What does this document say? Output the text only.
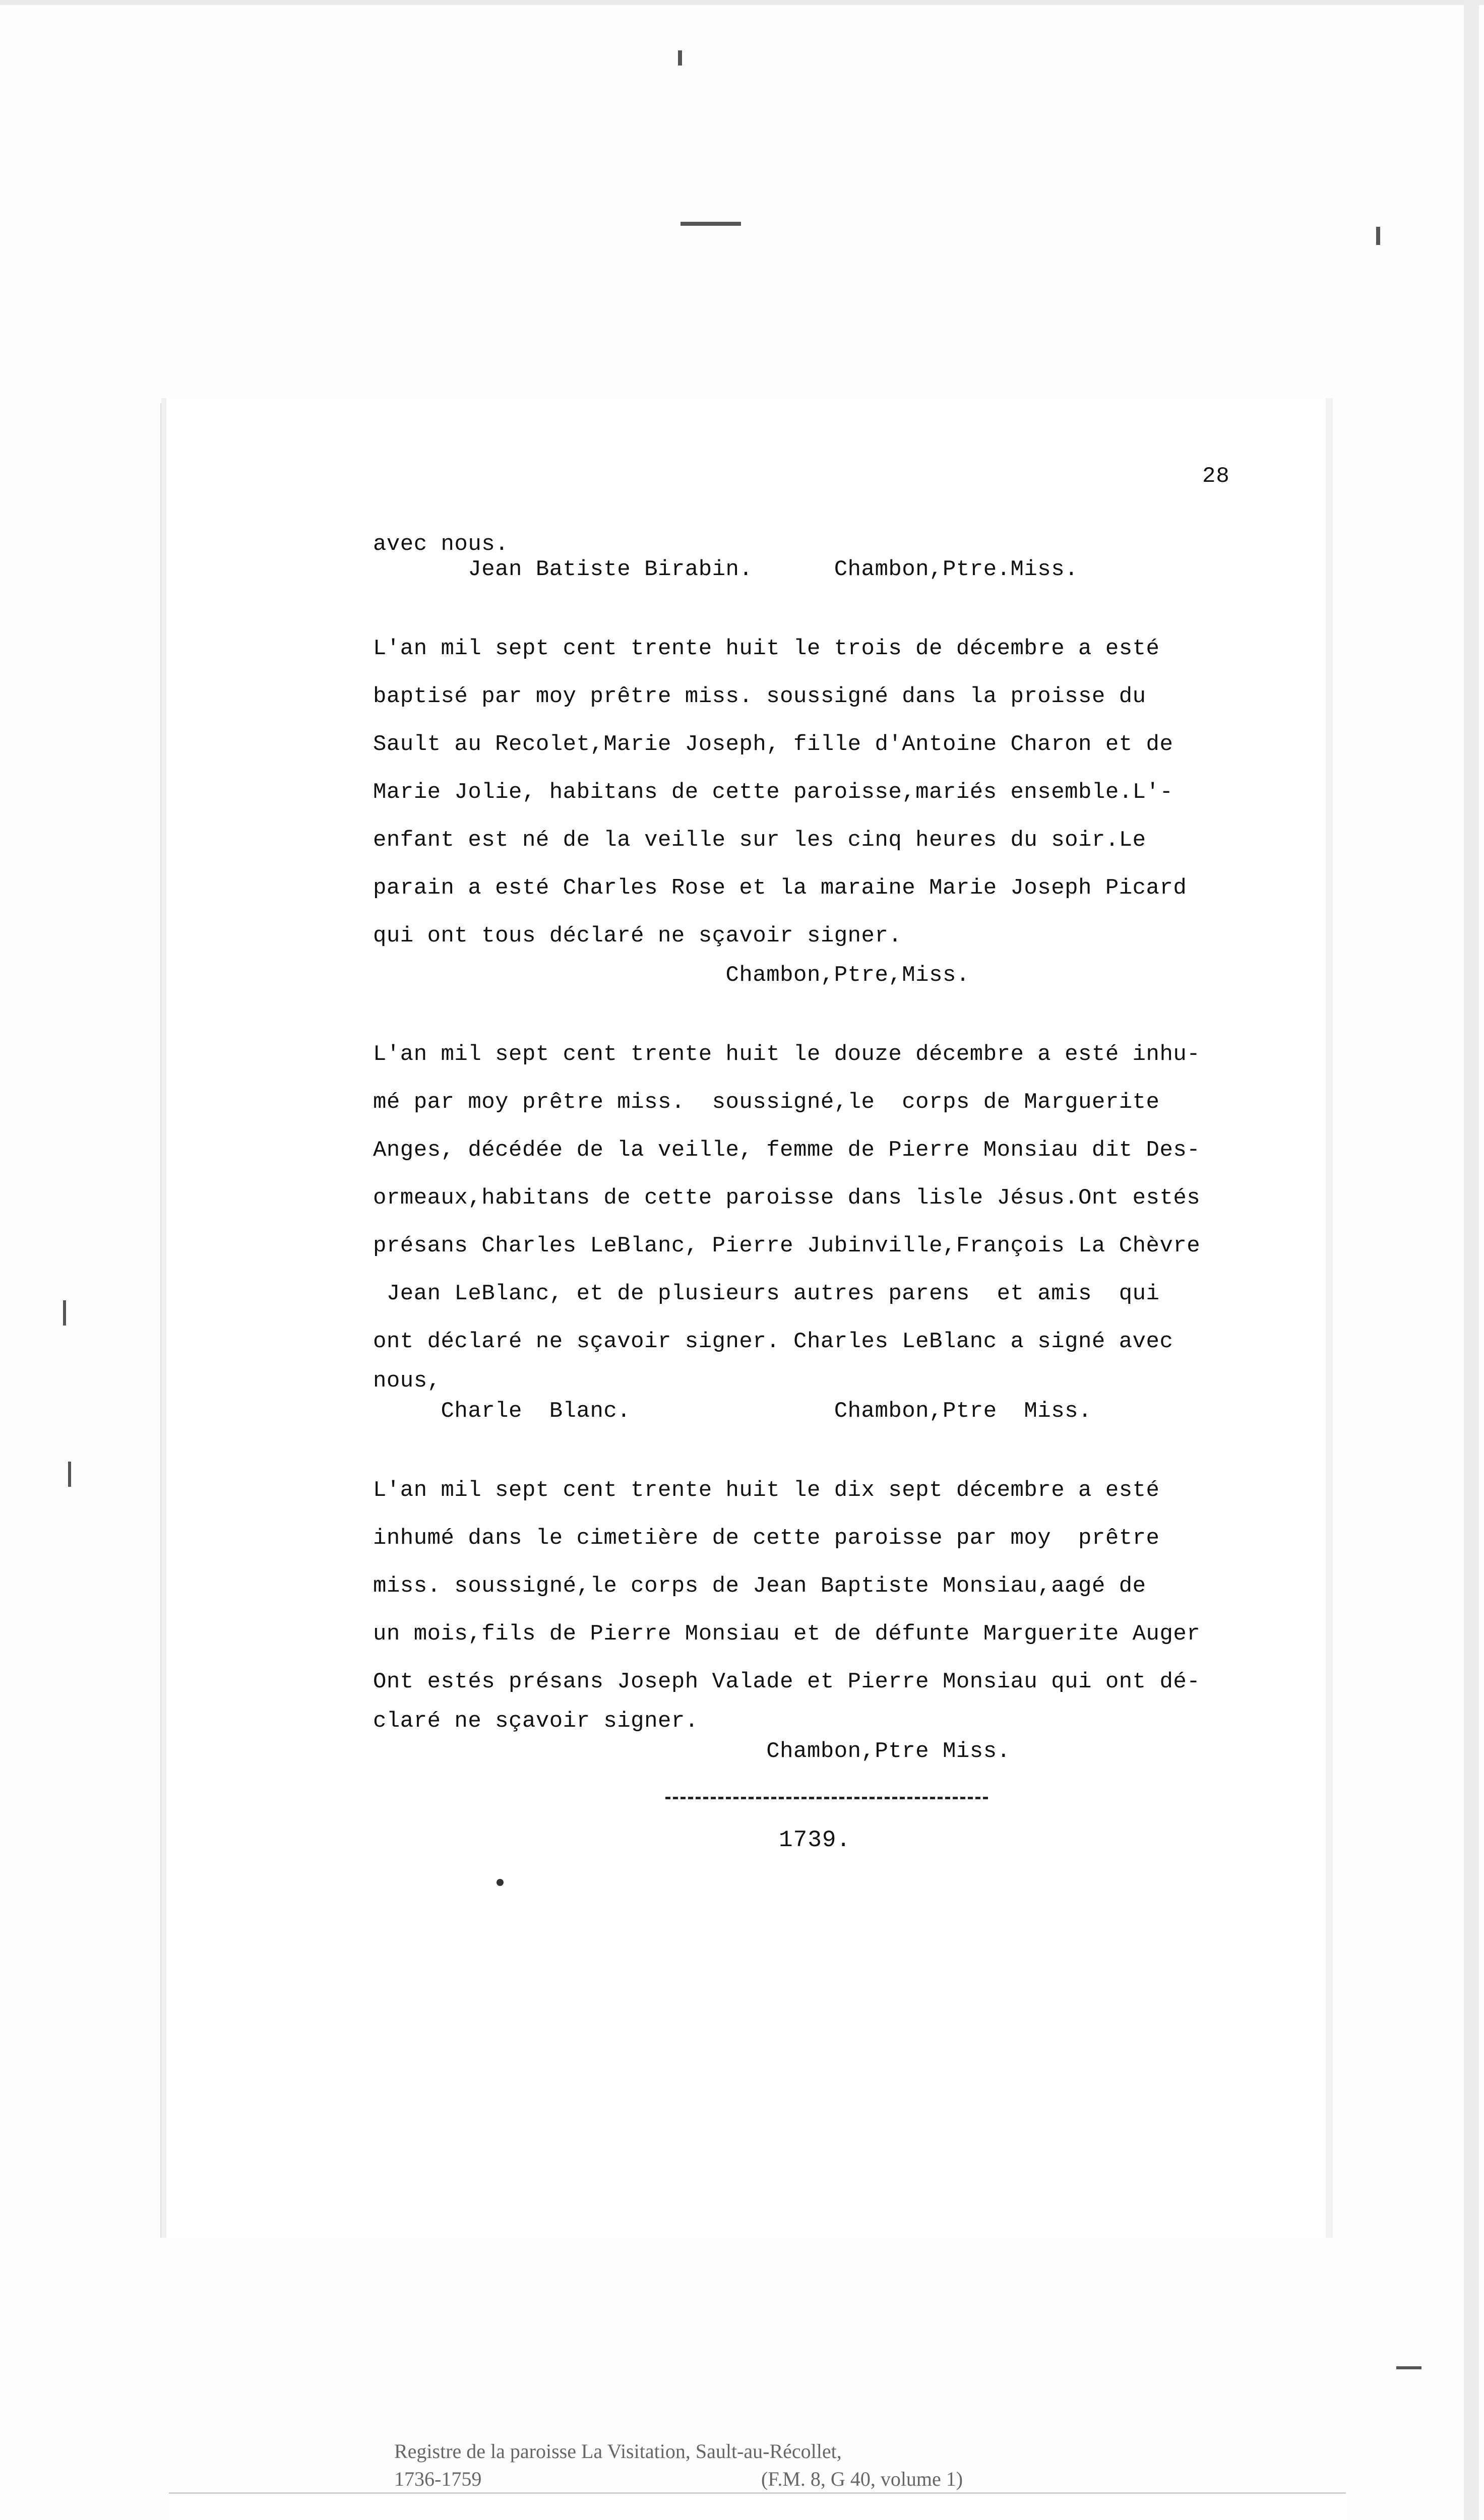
28

avec nous.

Jean Batiste Birabin.      Chambon,Ptre.Miss.

L'an mil sept cent trente huit le trois de décembre a esté

baptisé par moy prêtre miss. soussigné dans la proisse du

Sault au Recolet,Marie Joseph, fille d'Antoine Charon et de

Marie Jolie, habitans de cette paroisse,mariés ensemble.L'-

enfant est né de la veille sur les cinq heures du soir.Le

parain a esté Charles Rose et la maraine Marie Joseph Picard

qui ont tous déclaré ne sçavoir signer.

Chambon,Ptre,Miss.

L'an mil sept cent trente huit le douze décembre a esté inhu-

mé par moy prêtre miss.  soussigné,le  corps de Marguerite

Anges, décédée de la veille, femme de Pierre Monsiau dit Des-

ormeaux,habitans de cette paroisse dans lisle Jésus.Ont estés

présans Charles LeBlanc, Pierre Jubinville,François La Chèvre

Jean LeBlanc, et de plusieurs autres parens  et amis  qui

ont déclaré ne sçavoir signer. Charles LeBlanc a signé avec

nous,

Charle  Blanc.               Chambon,Ptre  Miss.

L'an mil sept cent trente huit le dix sept décembre a esté

inhumé dans le cimetière de cette paroisse par moy  prêtre

miss. soussigné,le corps de Jean Baptiste Monsiau,aagé de

un mois,fils de Pierre Monsiau et de défunte Marguerite Auger

Ont estés présans Joseph Valade et Pierre Monsiau qui ont dé-

claré ne sçavoir signer.

Chambon,Ptre Miss.

1739.
Registre de la paroisse La Visitation, Sault-au-Récollet,
1736-1759	(F.M. 8, G 40, volume 1)
